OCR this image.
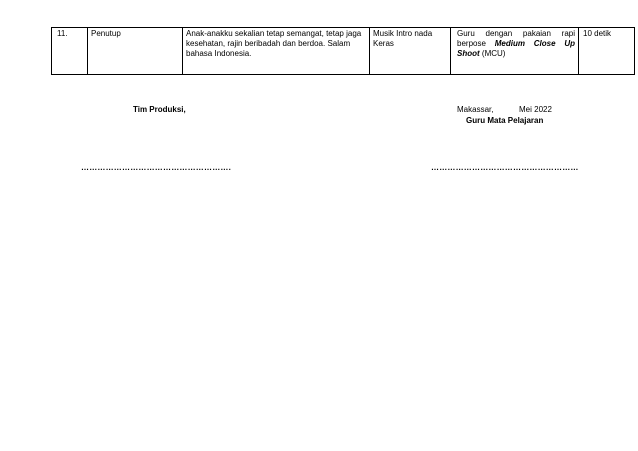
11.	Penutup	Anak-anakku sekalian tetap semangat, tetap jaga kesehatan, rajin beribadah dan berdoa. Salam bahasa Indonesia.	Musik Intro nada Keras	Guru dengan pakaian rapi berpose Medium Close Up Shoot (MCU)	10 detik
Tim Produksi,	Makassar,	Mei 2022
Guru Mata Pelajaran
……………………………………………….	………………………………………………
